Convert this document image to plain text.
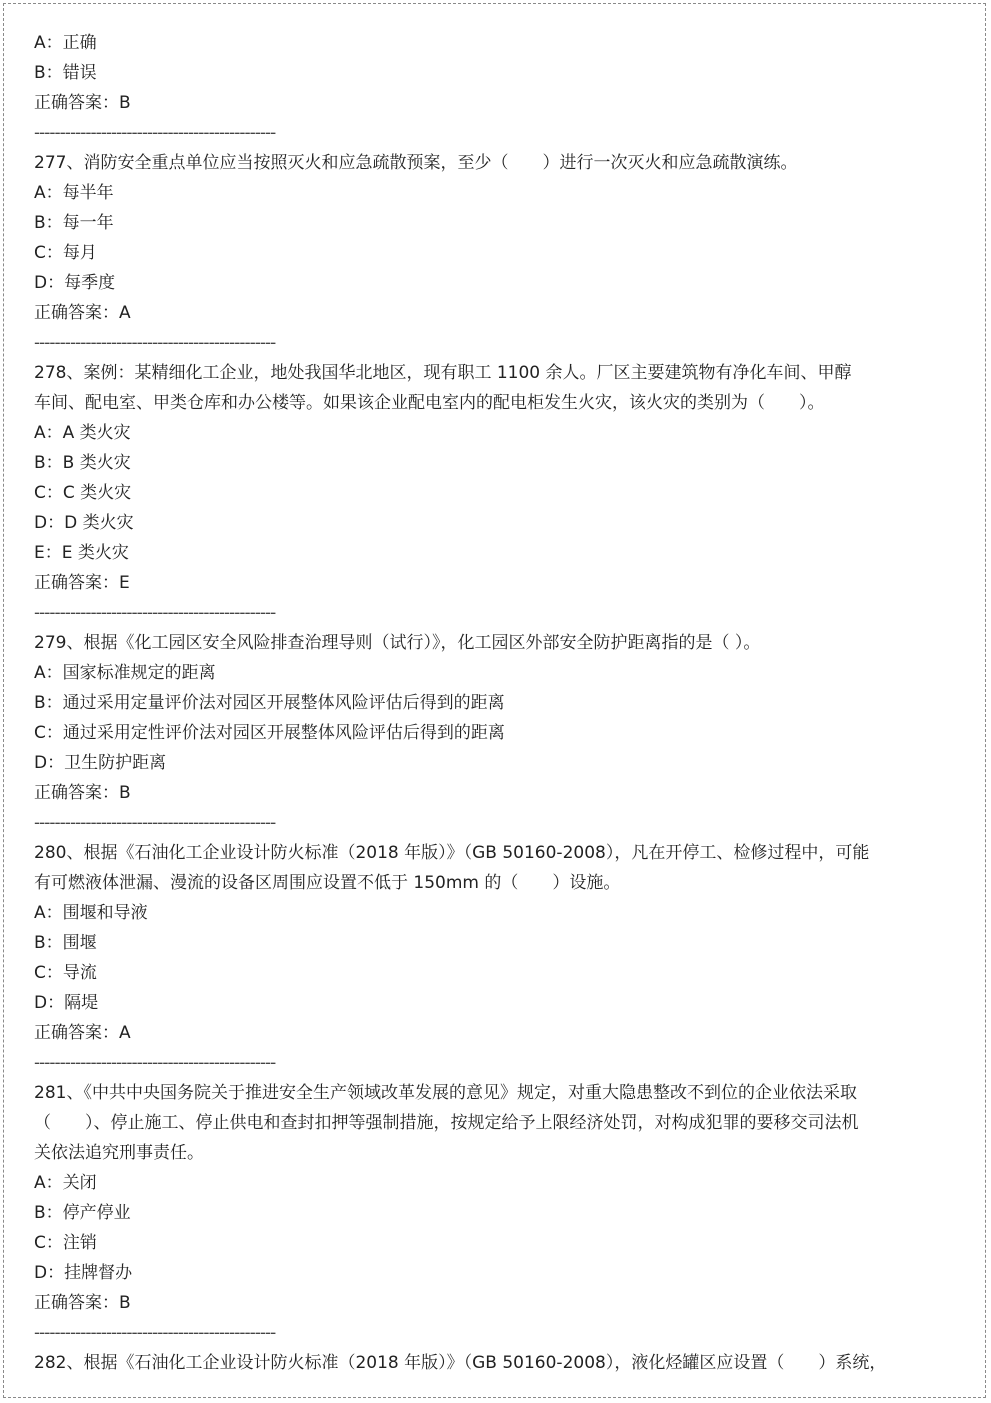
A：正确
B：错误
正确答案：B
-----------------------------------------------
277、消防安全重点单位应当按照灭火和应急疏散预案，至少（　　）进行一次灭火和应急疏散演练。
A：每半年
B：每一年
C：每月
D：每季度
正确答案：A
-----------------------------------------------
278、案例：某精细化工企业，地处我国华北地区，现有职工 1100 余人。厂区主要建筑物有净化车间、甲醇
车间、配电室、甲类仓库和办公楼等。如果该企业配电室内的配电柜发生火灾，该火灾的类别为（　　）。
A：A 类火灾
B：B 类火灾
C：C 类火灾
D：D 类火灾
E：E 类火灾
正确答案：E
-----------------------------------------------
279、根据《化工园区安全风险排查治理导则（试行）》，化工园区外部安全防护距离指的是（ ）。
A：国家标准规定的距离
B：通过采用定量评价法对园区开展整体风险评估后得到的距离
C：通过采用定性评价法对园区开展整体风险评估后得到的距离
D：卫生防护距离
正确答案：B
-----------------------------------------------
280、根据《石油化工企业设计防火标准（2018 年版）》（GB 50160-2008），凡在开停工、检修过程中，可能
有可燃液体泄漏、漫流的设备区周围应设置不低于 150mm 的（　　）设施。
A：围堰和导液
B：围堰
C：导流
D：隔堤
正确答案：A
-----------------------------------------------
281、《中共中央国务院关于推进安全生产领域改革发展的意见》规定，对重大隐患整改不到位的企业依法采取
（　　）、停止施工、停止供电和查封扣押等强制措施，按规定给予上限经济处罚，对构成犯罪的要移交司法机
关依法追究刑事责任。
A：关闭
B：停产停业
C：注销
D：挂牌督办
正确答案：B
-----------------------------------------------
282、根据《石油化工企业设计防火标准（2018 年版）》（GB 50160-2008），液化烃罐区应设置（　　）系统，
